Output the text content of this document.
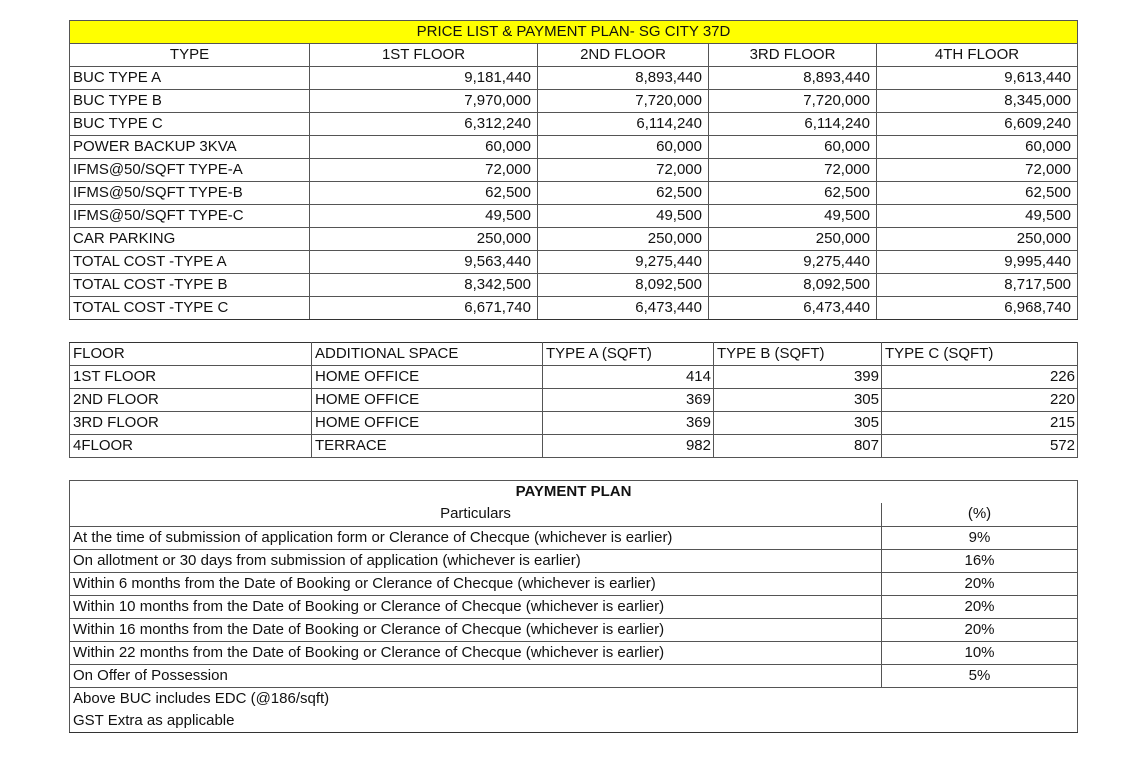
PRICE LIST & PAYMENT PLAN- SG CITY 37D				
TYPE	1ST FLOOR	2ND FLOOR	3RD FLOOR	4TH FLOOR
BUC TYPE A	9,181,440	8,893,440	8,893,440	9,613,440
BUC TYPE B	7,970,000	7,720,000	7,720,000	8,345,000
BUC TYPE C	6,312,240	6,114,240	6,114,240	6,609,240
POWER BACKUP 3KVA	60,000	60,000	60,000	60,000
IFMS@50/SQFT TYPE-A	72,000	72,000	72,000	72,000
IFMS@50/SQFT TYPE-B	62,500	62,500	62,500	62,500
IFMS@50/SQFT TYPE-C	49,500	49,500	49,500	49,500
CAR PARKING	250,000	250,000	250,000	250,000
TOTAL COST -TYPE A	9,563,440	9,275,440	9,275,440	9,995,440
TOTAL COST -TYPE B	8,342,500	8,092,500	8,092,500	8,717,500
TOTAL COST -TYPE C	6,671,740	6,473,440	6,473,440	6,968,740
FLOOR	ADDITIONAL SPACE	TYPE A (SQFT)	TYPE B (SQFT)	TYPE C (SQFT)
1ST FLOOR	HOME OFFICE	414	399	226
2ND FLOOR	HOME OFFICE	369	305	220
3RD FLOOR	HOME OFFICE	369	305	215
4FLOOR	TERRACE	982	807	572
PAYMENT PLAN	
Particulars	(%)
At the time of submission of application form or Clerance of Checque (whichever is earlier)	9%
On allotment or 30 days from submission of application (whichever is earlier)	16%
Within 6 months from the Date of Booking or Clerance of Checque (whichever is earlier)	20%
Within 10 months from the Date of Booking or Clerance of Checque (whichever is earlier)	20%
Within 16 months from the Date of Booking or Clerance of Checque (whichever is earlier)	20%
Within 22 months from the Date of Booking or Clerance of Checque (whichever is earlier)	10%
On Offer of Possession	5%
Above BUC includes EDC (@186/sqft)	
GST Extra as applicable	
